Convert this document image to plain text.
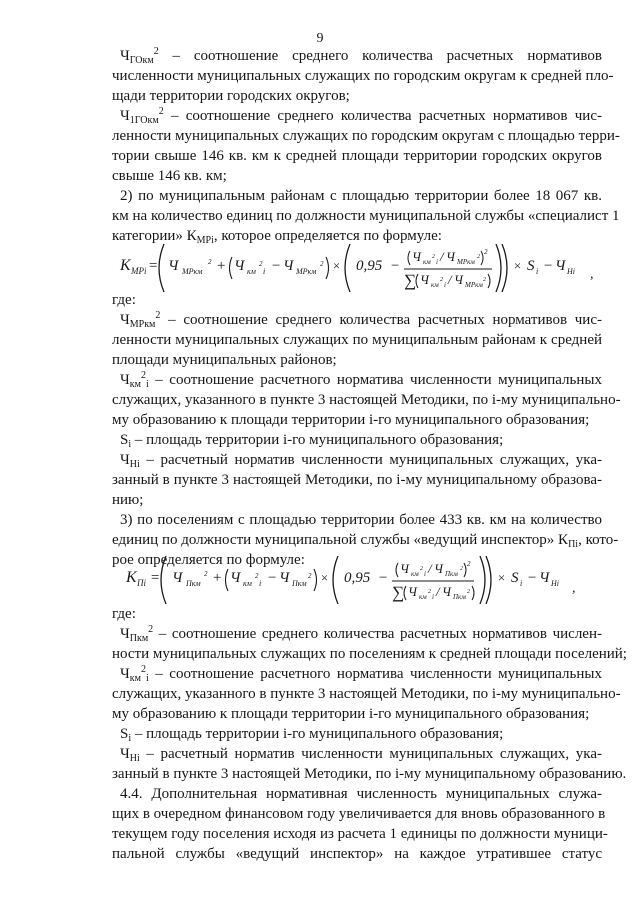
9
$Ч_{ГОкм}^2$ – соотношение среднего количества расчетных нормативов
численности муниципальных служащих по городским округам к средней пло-
щади территории городских округов;
$Ч_{1ГОкм}^2$ – соотношение среднего количества расчетных нормативов чис-
ленности муниципальных служащих по городским округам с площадью терри-
тории свыше 146 кв. км к средней площади территории городских округов
свыше 146 кв. км;
2) по муниципальным районам с площадью территории более 18 067 кв.
км на количество единиц по должности муниципальной службы «специалист 1
категории» $К_{МРi}$, которое определяется по формуле:
K MPi = Ч МРкм
2 + Ч км
2
i − Ч МРкм
2 × 0,95 −
Ч км
2
i / Ч МРкм
2
2
∑ Ч км
2
i / Ч МРкм
2
× S i − Ч Hi ,
где:
$Ч_{МРкм}^2$ – соотношение среднего количества расчетных нормативов чис-
ленности муниципальных служащих по муниципальным районам к средней
площади муниципальных районов;
$Ч_{км}^2_i$ – соотношение расчетного норматива численности муниципальных
служащих, указанного в пункте 3 настоящей Методики, по i-му муниципально-
му образованию к площади территории i-го муниципального образования;
$S_i$ – площадь территории i-го муниципального образования;
$Ч_{Нi}$ – расчетный норматив численности муниципальных служащих, ука-
занный в пункте 3 настоящей Методики, по i-му муниципальному образова-
нию;
3) по поселениям с площадью территории более 433 кв. км на количество
единиц по должности муниципальной службы «ведущий инспектор» $К_{Пi}$, кото-
рое определяется по формуле:
K Пi = Ч Пкм
2 + Ч км
2
i − Ч Пкм
2 × 0,95 −
Ч км
2
i / Ч Пкм
2
2
∑ Ч км
2
i / Ч Пкм
2
× S i − Ч Hi ,
где:
$Ч_{Пкм}^2$ – соотношение среднего количества расчетных нормативов числен-
ности муниципальных служащих по поселениям к средней площади поселений;
$Ч_{км}^2_i$ – соотношение расчетного норматива численности муниципальных
служащих, указанного в пункте 3 настоящей Методики, по i-му муниципально-
му образованию к площади территории i-го муниципального образования;
$S_i$ – площадь территории i-го муниципального образования;
$Ч_{Нi}$ – расчетный норматив численности муниципальных служащих, ука-
занный в пункте 3 настоящей Методики, по i-му муниципальному образованию.
4.4. Дополнительная нормативная численность муниципальных служа-
щих в очередном финансовом году увеличивается для вновь образованного в
текущем году поселения исходя из расчета 1 единицы по должности муници-
пальной службы «ведущий инспектор» на каждое утратившее статус
